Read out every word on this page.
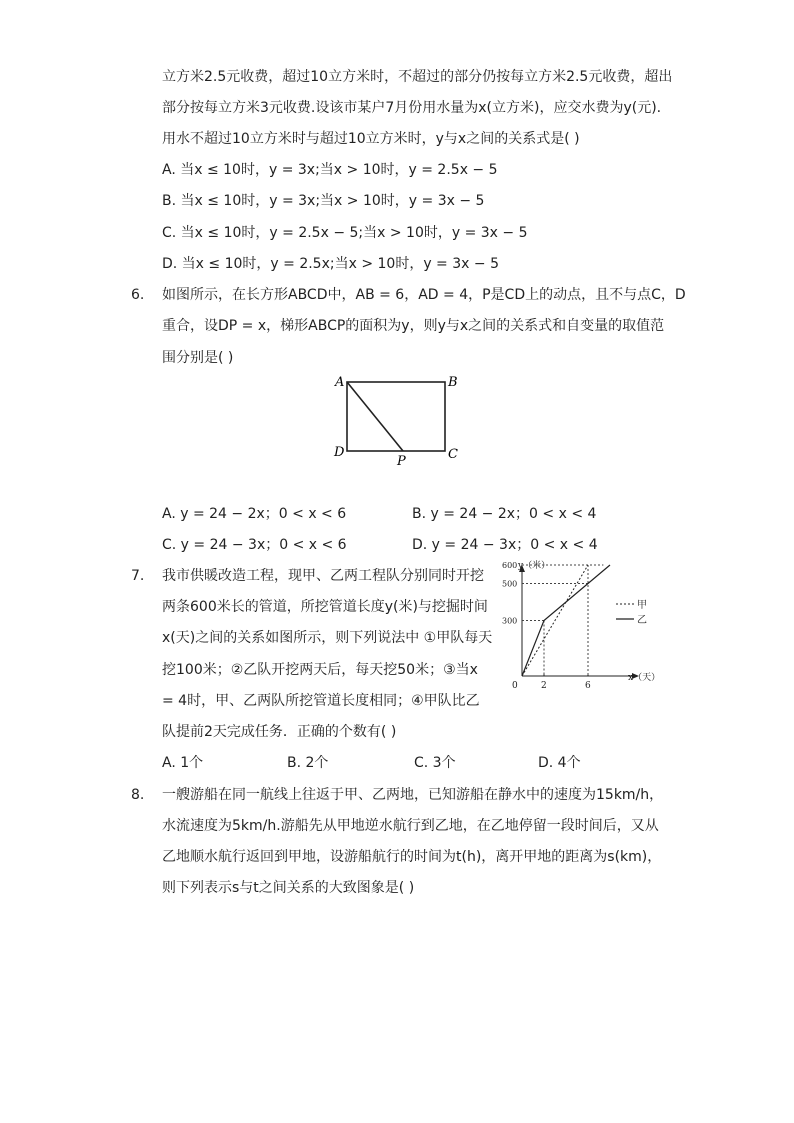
立方米2.5元收费，超过10立方米时，不超过的部分仍按每立方米2.5元收费，超出
部分按每立方米3元收费.设该市某户7月份用水量为x(立方米)，应交水费为y(元).
用水不超过10立方米时与超过10立方米时，y与x之间的关系式是( )
A. 当x ≤ 10时，y = 3x;当x > 10时，y = 2.5x − 5
B. 当x ≤ 10时，y = 3x;当x > 10时，y = 3x − 5
C. 当x ≤ 10时，y = 2.5x − 5;当x > 10时，y = 3x − 5
D. 当x ≤ 10时，y = 2.5x;当x > 10时，y = 3x − 5
6. 如图所示，在长方形ABCD中，AB = 6，AD = 4，P是CD上的动点，且不与点C，D
重合，设DP = x，梯形ABCP的面积为y，则y与x之间的关系式和自变量的取值范
围分别是( )
A	B
D	C
P
A. y = 24 − 2x；0 < x < 6	B. y = 24 − 2x；0 < x < 4
C. y = 24 − 3x；0 < x < 6	D. y = 24 − 3x；0 < x < 4
7. 我市供暖改造工程，现甲、乙两工程队分别同时开挖
两条600米长的管道，所挖管道长度y(米)与挖掘时间
x(天)之间的关系如图所示，则下列说法中 ①甲队每天
挖100米；②乙队开挖两天后，每天挖50米；③当x
= 4时，甲、乙两队所挖管道长度相同；④甲队比乙
队提前2天完成任务．正确的个数有( )
y（米）
x（天）
0	2	6
300
500
600
甲
乙
A. 1个	B. 2个	C. 3个	D. 4个
8. 一艘游船在同一航线上往返于甲、乙两地，已知游船在静水中的速度为15km/h，
水流速度为5km/h.游船先从甲地逆水航行到乙地，在乙地停留一段时间后，又从
乙地顺水航行返回到甲地，设游船航行的时间为t(h)，离开甲地的距离为s(km)，
则下列表示s与t之间关系的大致图象是( )
